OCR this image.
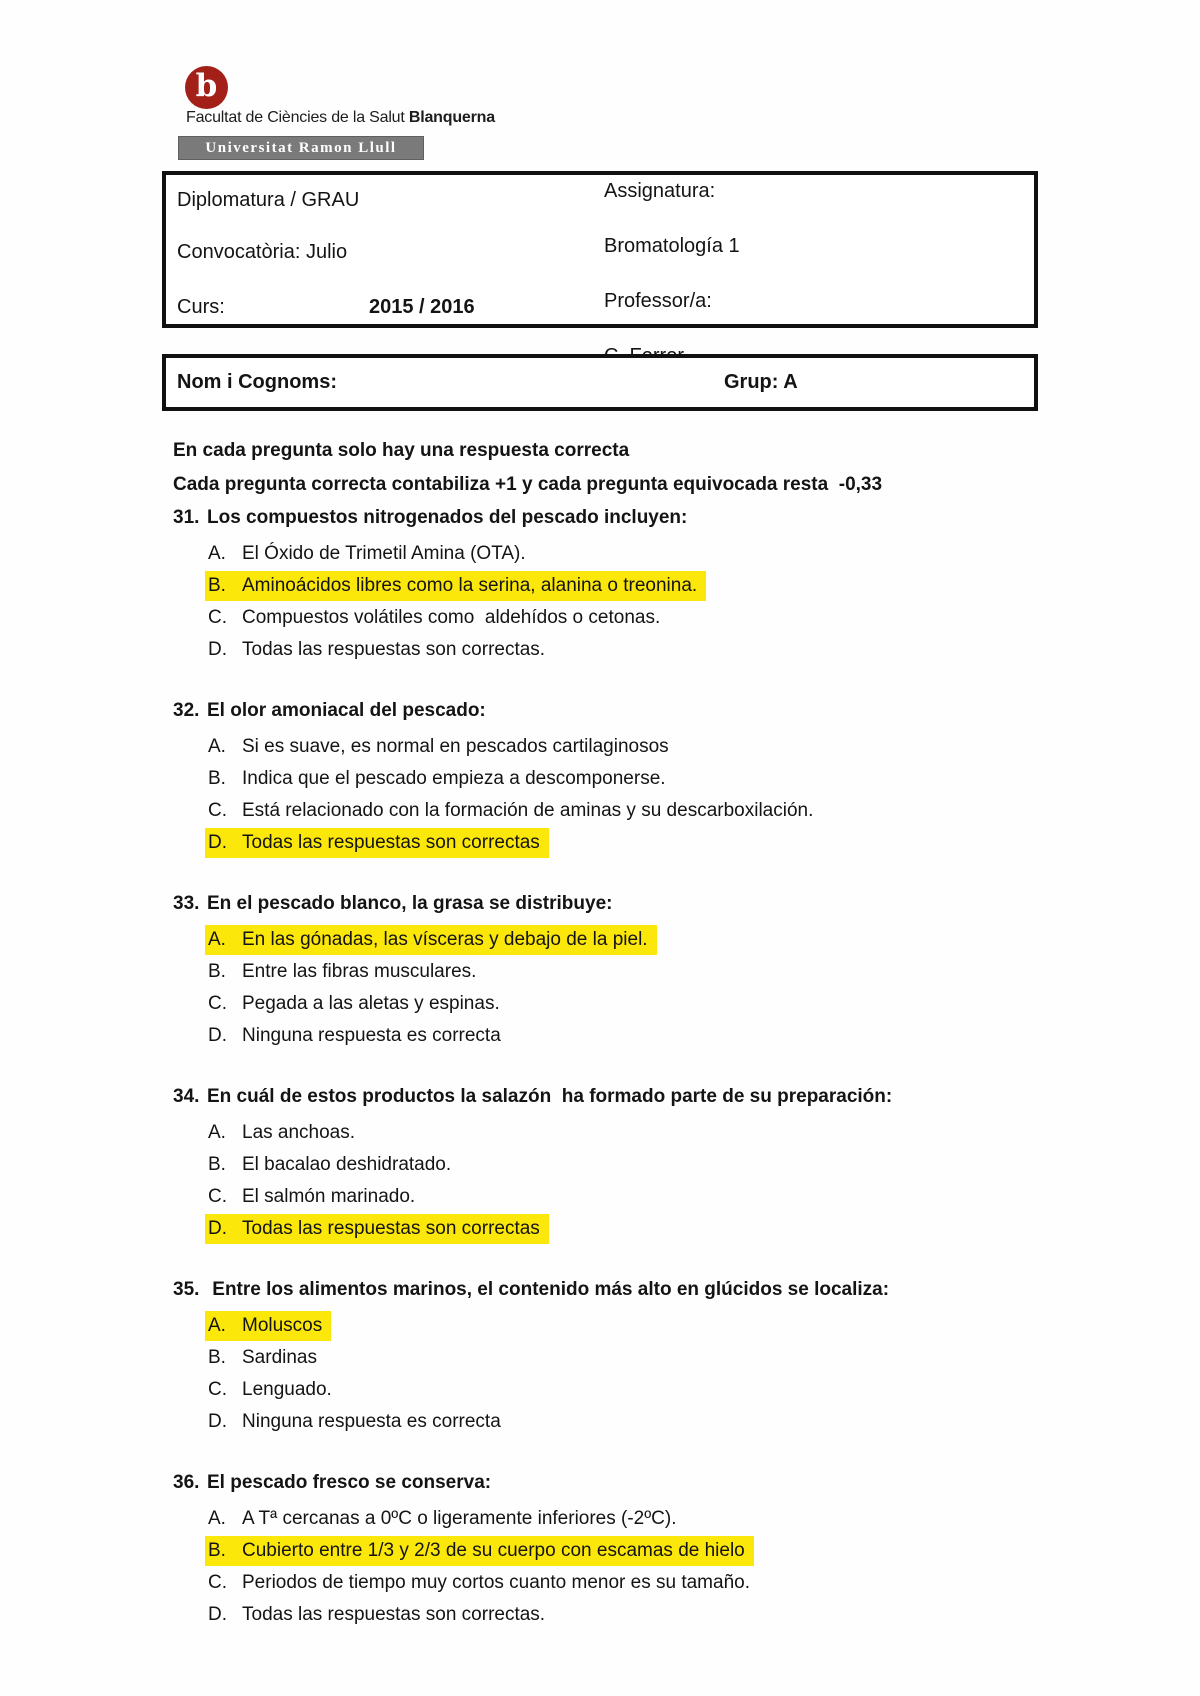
b
Facultat de Ciències de la Salut Blanquerna
Universitat Ramon Llull
Diplomatura / GRAU
Convocatòria: Julio
Curs:	2015 / 2016
Assignatura:

Bromatología 1

Professor/a:

Nom i Cognoms:	Grup: A
En cada pregunta solo hay una respuesta correcta
Cada pregunta correcta contabiliza +1 y cada pregunta equivocada resta  -0,33
31. Los compuestos nitrogenados del pescado incluyen:
A. El Óxido de Trimetil Amina (OTA).
B. Aminoácidos libres como la serina, alanina o treonina.
C. Compuestos volátiles como  aldehídos o cetonas.
D. Todas las respuestas son correctas.
32. El olor amoniacal del pescado:
A. Si es suave, es normal en pescados cartilaginosos
B. Indica que el pescado empieza a descomponerse.
C. Está relacionado con la formación de aminas y su descarboxilación.
D. Todas las respuestas son correctas
33. En el pescado blanco, la grasa se distribuye:
A. En las gónadas, las vísceras y debajo de la piel.
B. Entre las fibras musculares.
C. Pegada a las aletas y espinas.
D. Ninguna respuesta es correcta
34. En cuál de estos productos la salazón  ha formado parte de su preparación:
A. Las anchoas.
B. El bacalao deshidratado.
C. El salmón marinado.
D. Todas las respuestas son correctas
35. Entre los alimentos marinos, el contenido más alto en glúcidos se localiza:
A. Moluscos
B. Sardinas
C. Lenguado.
D. Ninguna respuesta es correcta
36. El pescado fresco se conserva:
A. A Tª cercanas a 0ºC o ligeramente inferiores (-2ºC).
B. Cubierto entre 1/3 y 2/3 de su cuerpo con escamas de hielo
C. Periodos de tiempo muy cortos cuanto menor es su tamaño.
D. Todas las respuestas son correctas.
